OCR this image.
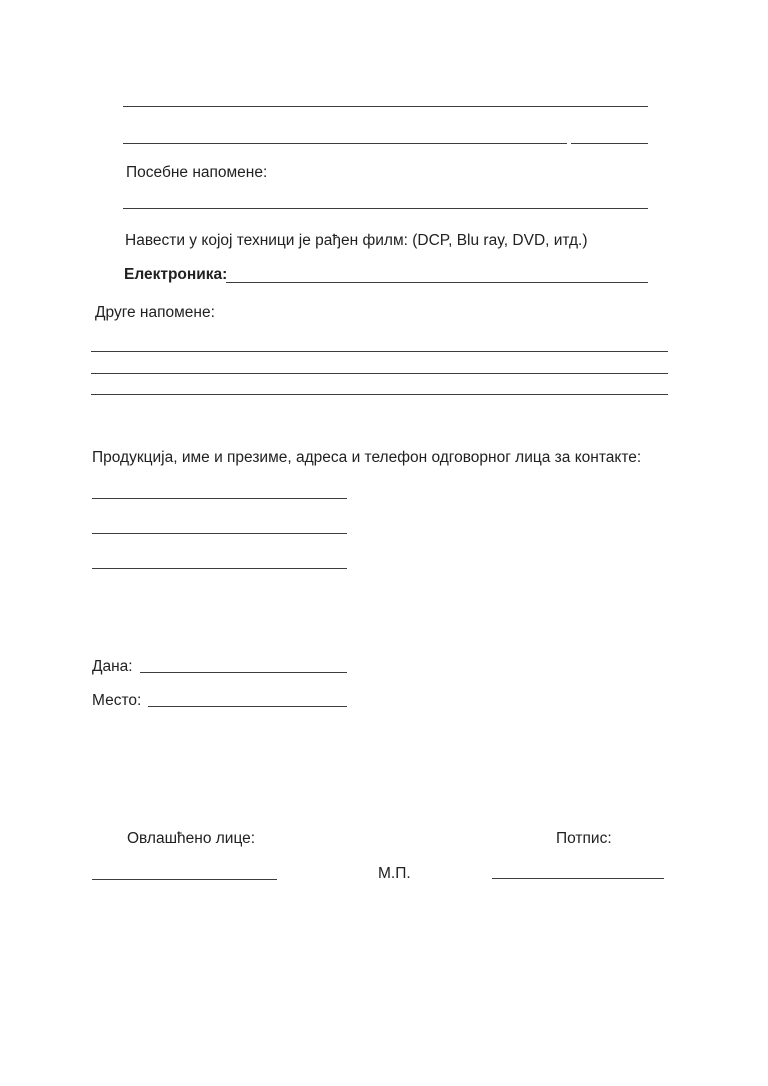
Посебне напомене:
Навести у којој техници је рађен филм: (DCP, Blu ray, DVD, итд.)
Електроника:
Друге напомене:
Продукција, име и презиме, адреса и телефон одговорног лица за контакте:
Дана:
Место:
Овлашћено лице:	Потпис:
М.П.
